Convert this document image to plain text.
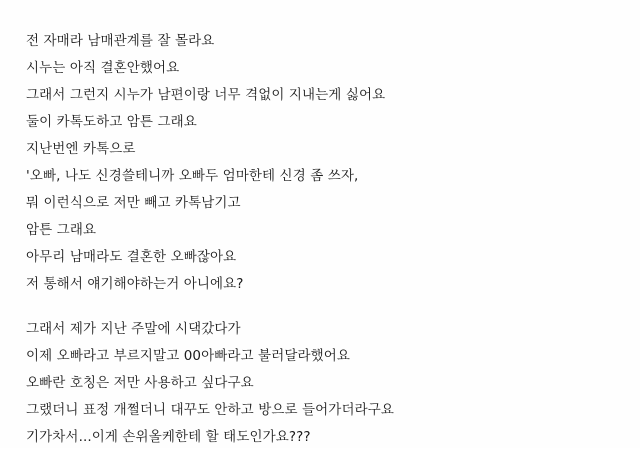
전 자매라 남매관계를 잘 몰라요
시누는 아직 결혼안했어요
그래서 그런지 시누가 남편이랑 너무 격없이 지내는게 싫어요
둘이 카톡도하고 암튼 그래요
지난번엔 카톡으로
'오빠, 나도 신경쓸테니까 오빠두 엄마한테 신경 좀 쓰자,
뭐 이런식으로 저만 빼고 카톡남기고
암튼 그래요
아무리 남매라도 결혼한 오빠잖아요
저 통해서 얘기해야하는거 아니에요?
그래서 제가 지난 주말에 시댁갔다가
이제 오빠라고 부르지말고 00아빠라고 불러달라했어요
오빠란 호칭은 저만 사용하고 싶다구요
그랬더니 표정 개쩔더니 대꾸도 안하고 방으로 들어가더라구요
기가차서...이게 손위올케한테 할 태도인가요???
